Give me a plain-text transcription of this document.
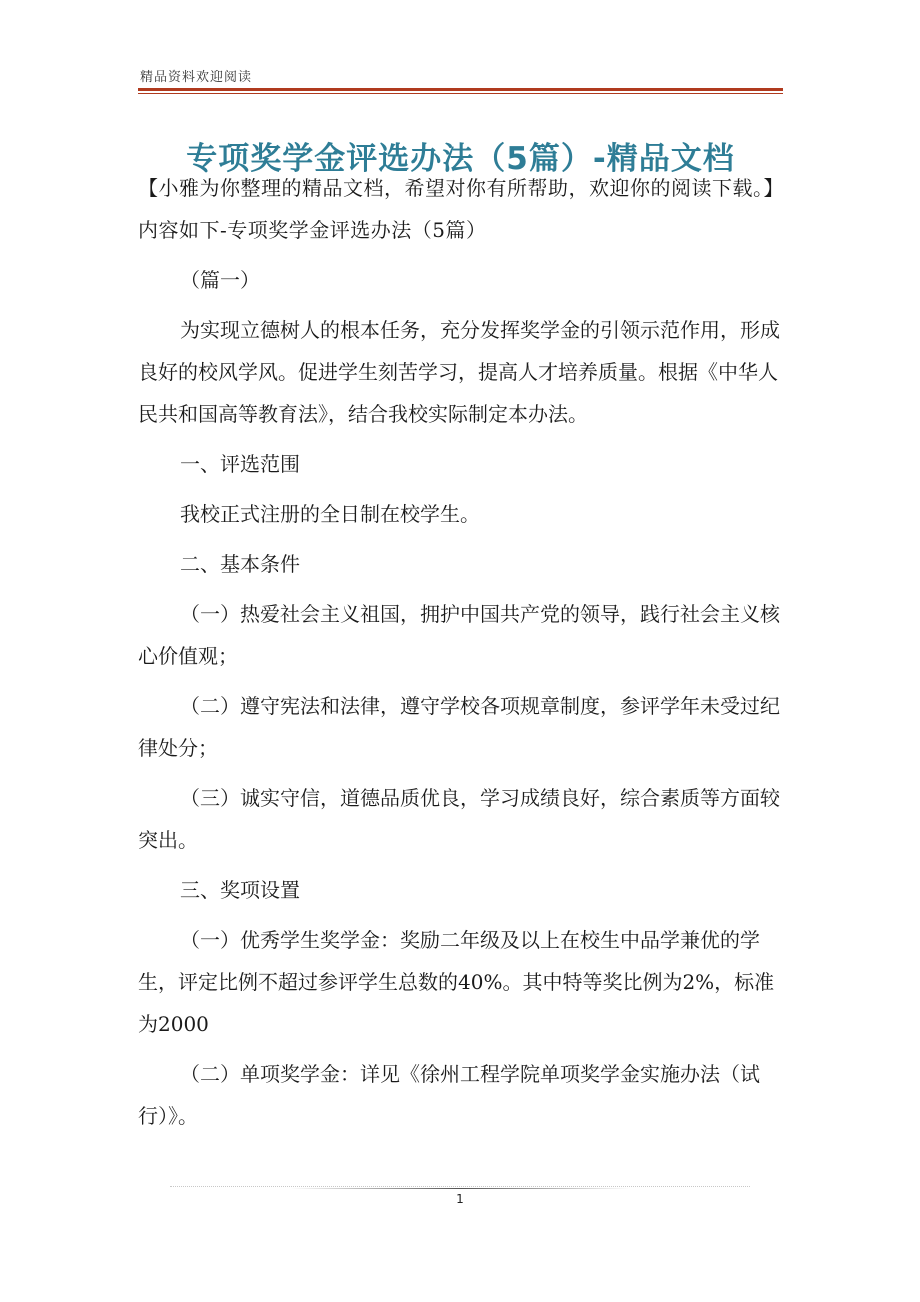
精品资料欢迎阅读
专项奖学金评选办法（5篇）-精品文档

【小雅为你整理的精品文档，希望对你有所帮助，欢迎你的阅读下载。】内容如下-专项奖学金评选办法（5篇）

（篇一）

为实现立德树人的根本任务，充分发挥奖学金的引领示范作用，形成良好的校风学风。促进学生刻苦学习，提高人才培养质量。根据《中华人民共和国高等教育法》，结合我校实际制定本办法。

一、评选范围

我校正式注册的全日制在校学生。

二、基本条件

（一）热爱社会主义祖国，拥护中国共产党的领导，践行社会主义核心价值观；

（二）遵守宪法和法律，遵守学校各项规章制度，参评学年未受过纪律处分；

（三）诚实守信，道德品质优良，学习成绩良好，综合素质等方面较突出。

三、奖项设置

（一）优秀学生奖学金：奖励二年级及以上在校生中品学兼优的学生，评定比例不超过参评学生总数的40%。其中特等奖比例为2%，标准为2000

（二）单项奖学金：详见《徐州工程学院单项奖学金实施办法（试行）》。

1
